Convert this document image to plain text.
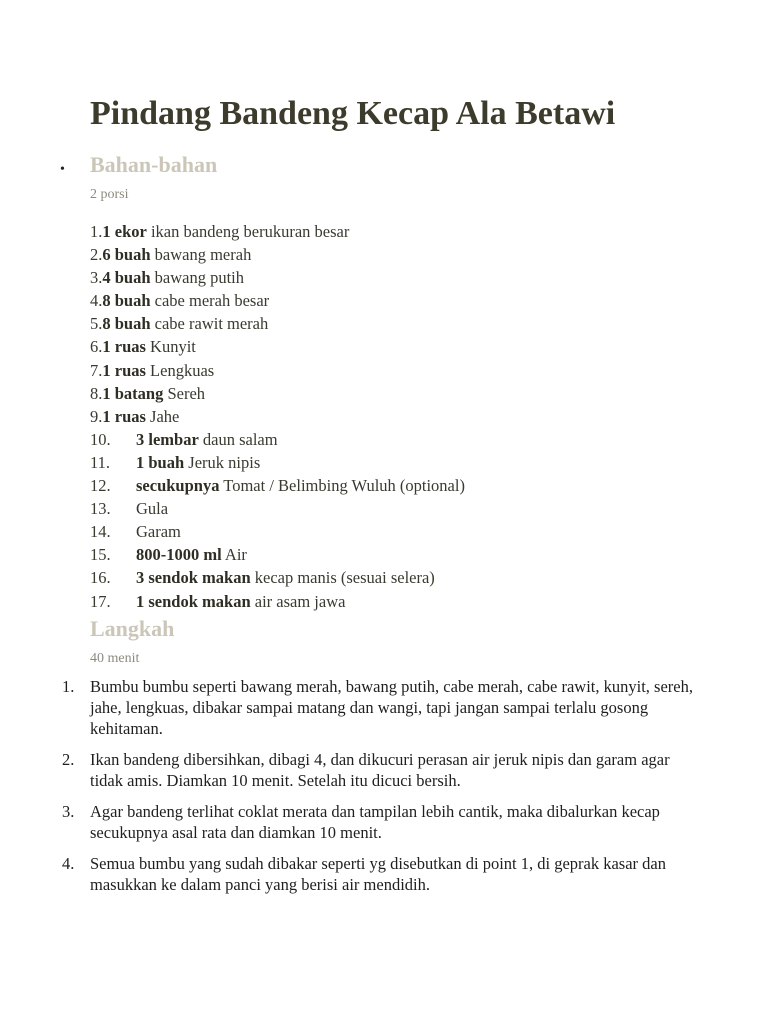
Pindang Bandeng Kecap Ala Betawi
• Bahan-bahan
2 porsi
1.1 ekor ikan bandeng berukuran besar
2.6 buah bawang merah
3.4 buah bawang putih
4.8 buah cabe merah besar
5.8 buah cabe rawit merah
6.1 ruas Kunyit
7.1 ruas Lengkuas
8.1 batang Sereh
9.1 ruas Jahe
10. 3 lembar daun salam
11. 1 buah Jeruk nipis
12. secukupnya Tomat / Belimbing Wuluh (optional)
13. Gula
14. Garam
15. 800-1000 ml Air
16. 3 sendok makan kecap manis (sesuai selera)
17. 1 sendok makan air asam jawa
Langkah
40 menit
1. Bumbu bumbu seperti bawang merah, bawang putih, cabe merah, cabe rawit, kunyit, sereh, jahe, lengkuas, dibakar sampai matang dan wangi, tapi jangan sampai terlalu gosong kehitaman.
2. Ikan bandeng dibersihkan, dibagi 4, dan dikucuri perasan air jeruk nipis dan garam agar tidak amis. Diamkan 10 menit. Setelah itu dicuci bersih.
3. Agar bandeng terlihat coklat merata dan tampilan lebih cantik, maka dibalurkan kecap secukupnya asal rata dan diamkan 10 menit.
4. Semua bumbu yang sudah dibakar seperti yg disebutkan di point 1, di geprak kasar dan masukkan ke dalam panci yang berisi air mendidih.
